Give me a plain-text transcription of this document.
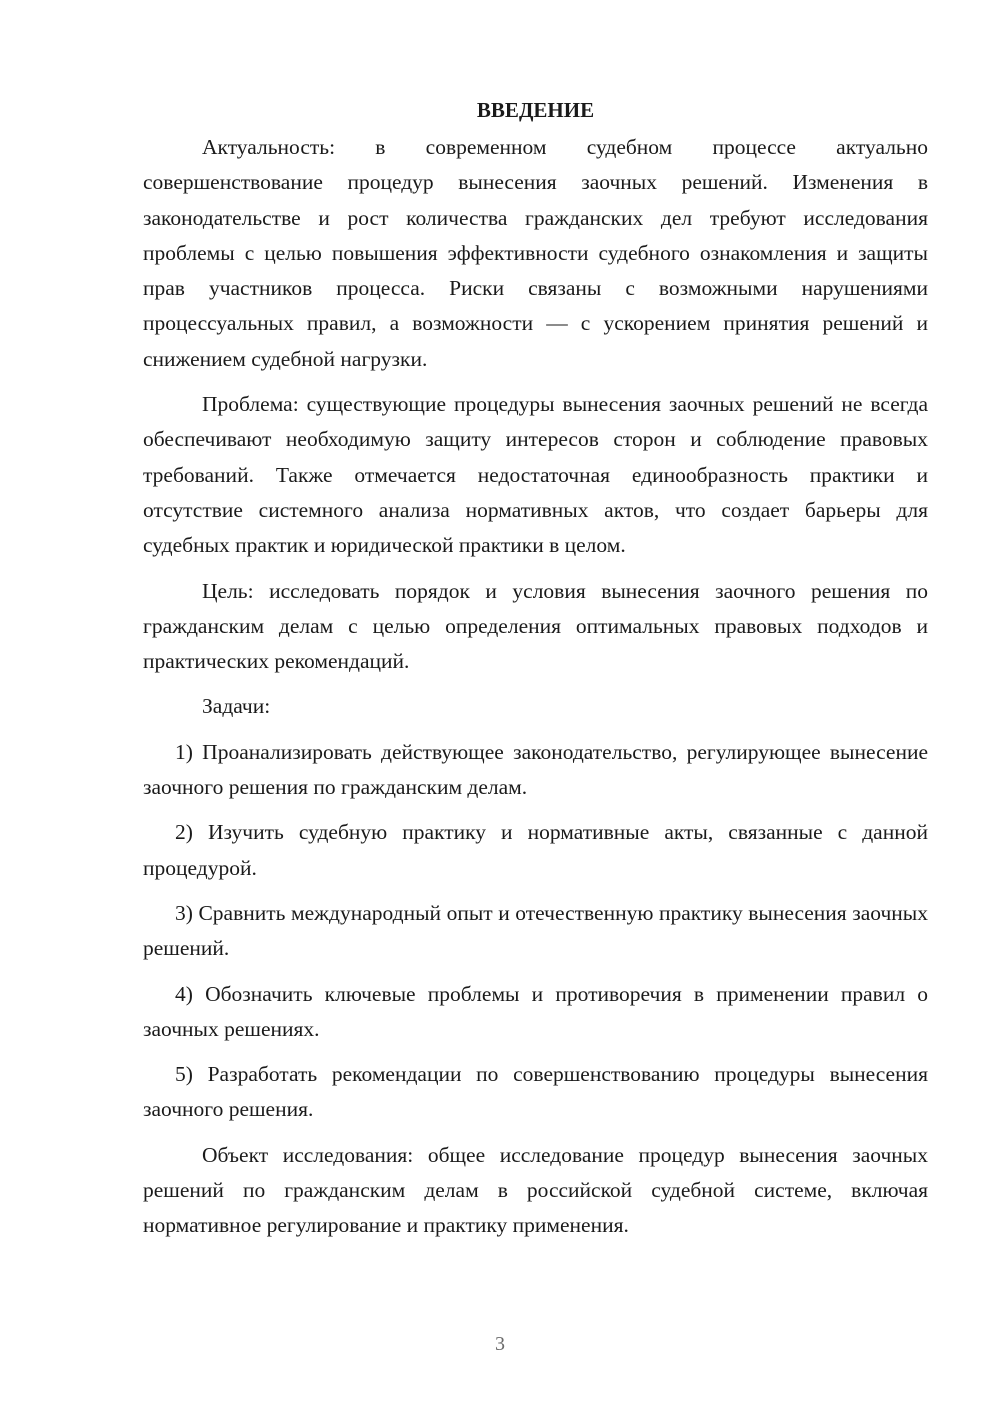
ВВЕДЕНИЕ

Актуальность: в современном судебном процессе актуально совершенствование процедур вынесения заочных решений. Изменения в законодательстве и рост количества гражданских дел требуют исследования проблемы с целью повышения эффективности судебного ознакомления и защиты прав участников процесса. Риски связаны с возможными нарушениями процессуальных правил, а возможности — с ускорением принятия решений и снижением судебной нагрузки.

Проблема: существующие процедуры вынесения заочных решений не всегда обеспечивают необходимую защиту интересов сторон и соблюдение правовых требований. Также отмечается недостаточная единообразность практики и отсутствие системного анализа нормативных актов, что создает барьеры для судебных практик и юридической практики в целом.

Цель: исследовать порядок и условия вынесения заочного решения по гражданским делам с целью определения оптимальных правовых подходов и практических рекомендаций.

Задачи:

1) Проанализировать действующее законодательство, регулирующее вынесение заочного решения по гражданским делам.

2) Изучить судебную практику и нормативные акты, связанные с данной процедурой.

3) Сравнить международный опыт и отечественную практику вынесения заочных решений.

4) Обозначить ключевые проблемы и противоречия в применении правил о заочных решениях.

5) Разработать рекомендации по совершенствованию процедуры вынесения заочного решения.

Объект исследования: общее исследование процедур вынесения заочных решений по гражданским делам в российской судебной системе, включая нормативное регулирование и практику применения.

3
